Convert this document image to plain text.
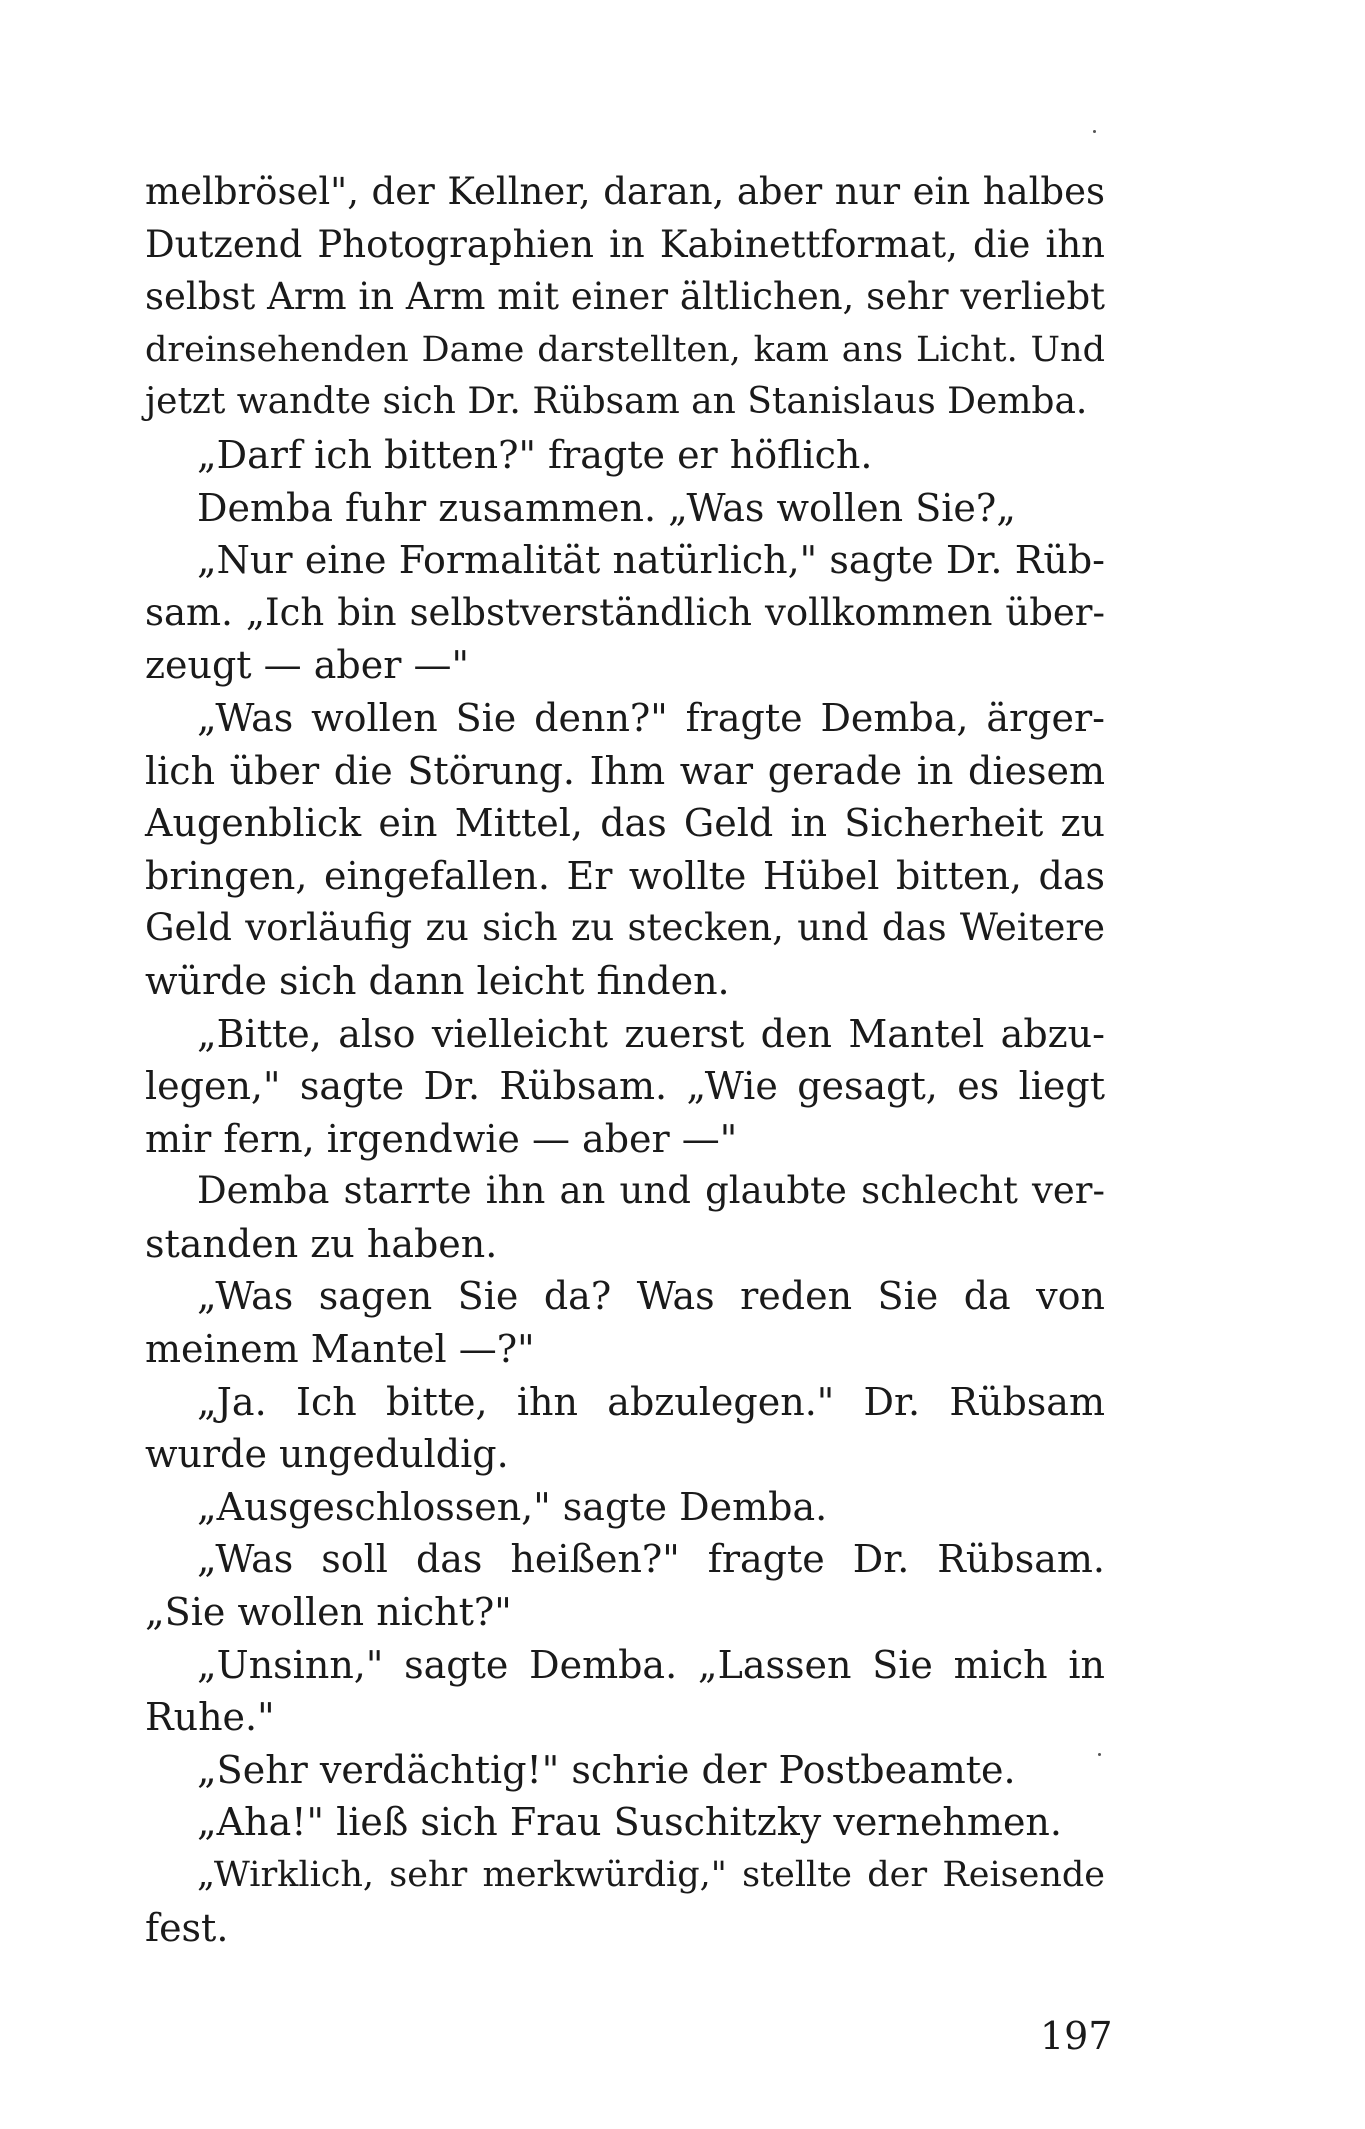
melbrösel", der Kellner, daran, aber nur ein halbes
Dutzend Photographien in Kabinettformat, die ihn
selbst Arm in Arm mit einer ältlichen, sehr verliebt
dreinsehenden Dame darstellten, kam ans Licht. Und
jetzt wandte sich Dr. Rübsam an Stanislaus Demba.
„Darf ich bitten?" fragte er höflich.
Demba fuhr zusammen. „Was wollen Sie?„
„Nur eine Formalität natürlich," sagte Dr. Rüb-
sam. „Ich bin selbstverständlich vollkommen über-
zeugt — aber —"
„Was wollen Sie denn?" fragte Demba, ärger-
lich über die Störung. Ihm war gerade in diesem
Augenblick ein Mittel, das Geld in Sicherheit zu
bringen, eingefallen. Er wollte Hübel bitten, das
Geld vorläufig zu sich zu stecken, und das Weitere
würde sich dann leicht finden.
„Bitte, also vielleicht zuerst den Mantel abzu-
legen," sagte Dr. Rübsam. „Wie gesagt, es liegt
mir fern, irgendwie — aber —"
Demba starrte ihn an und glaubte schlecht ver-
standen zu haben.
„Was sagen Sie da? Was reden Sie da von
meinem Mantel —?"
„Ja. Ich bitte, ihn abzulegen." Dr. Rübsam
wurde ungeduldig.
„Ausgeschlossen," sagte Demba.
„Was soll das heißen?" fragte Dr. Rübsam.
„Sie wollen nicht?"
„Unsinn," sagte Demba. „Lassen Sie mich in
Ruhe."
„Sehr verdächtig!" schrie der Postbeamte.
„Aha!" ließ sich Frau Suschitzky vernehmen.
„Wirklich, sehr merkwürdig," stellte der Reisende
fest.
197
